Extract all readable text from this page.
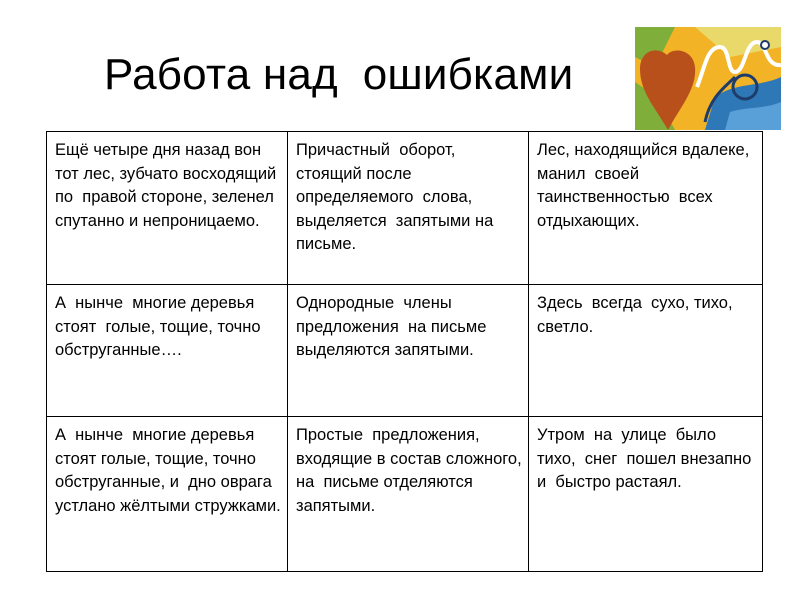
Работа над  ошибками
Ещё четыре дня назад вон тот лес, зубчато восходящий по  правой стороне, зеленел спутанно и непроницаемо.	Причастный  оборот, стоящий после определяемого  слова, выделяется  запятыми на  письме.	Лес, находящийся вдалеке, манил  своей таинственностью  всех отдыхающих.
А  нынче  многие деревья  стоят  голые, тощие, точно обструганные….	Однородные  члены предложения  на письме  выделяются запятыми.	Здесь  всегда  сухо, тихо, светло.
А  нынче  многие деревья  стоят голые, тощие, точно обструганные, и  дно оврага  устлано жёлтыми стружками.	Простые  предложения, входящие в состав сложного, на  письме отделяются  запятыми.	Утром  на  улице  было тихо,  снег  пошел внезапно и  быстро растаял.
